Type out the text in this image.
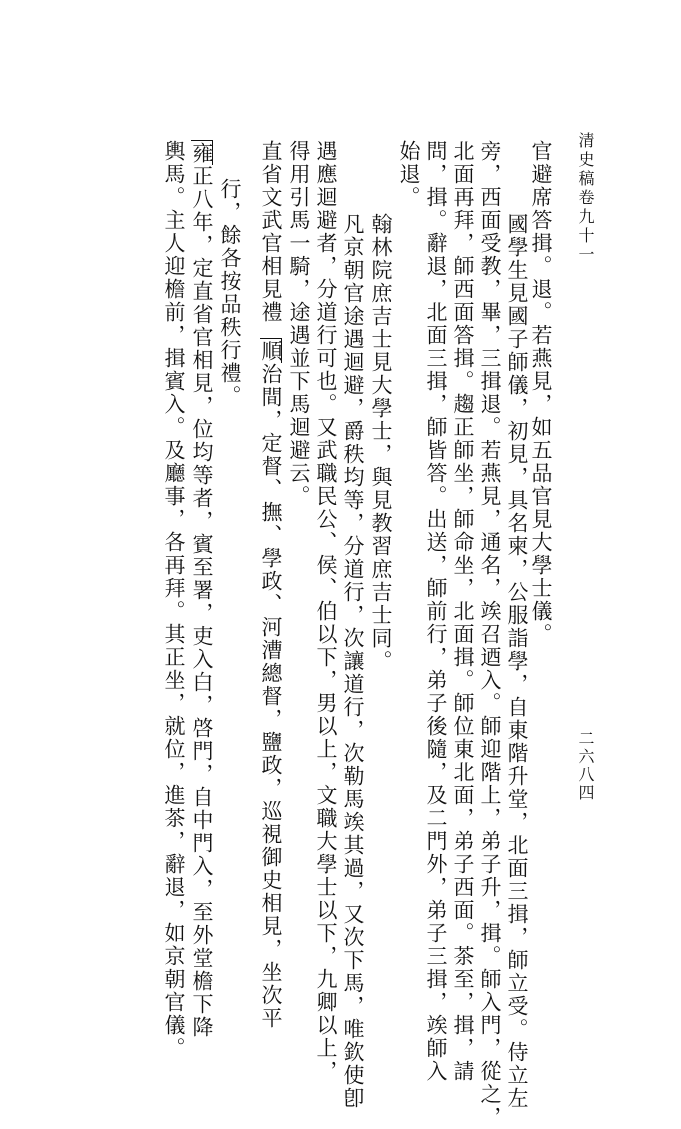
清史稿卷九十一
二六八四
官避席答揖。退。若燕見，如五品官見大學士儀。
國學生見國子師儀，初見，具名柬，公服詣學，自東階升堂，北面三揖，師立受。侍立左
旁，西面受教，畢，三揖退。若燕見，通名，竢召迺入。師迎階上，弟子升，揖。師入門，從之，
北面再拜，師西面答揖。趨正師坐，師命坐，北面揖。師位東北面，弟子西面。茶至，揖，請
問，揖。辭退，北面三揖，師皆答。出送，師前行，弟子後隨，及二門外，弟子三揖，竢師入
始退。
翰林院庶吉士見大學士，與見教習庶吉士同。
凡京朝官途遇迴避，爵秩均等，分道行，次讓道行，次勒馬竢其過，又次下馬，唯欽使卽
遇應迴避者，分道行可也。又武職民公、侯、伯以下，男以上，文職大學士以下，九卿以上，
得用引馬一騎，途遇並下馬迴避云。
直省文武官相見禮順治間，定督、撫、學政、河漕總督，鹽政，巡視御史相見，坐次平
行，餘各按品秩行禮。
雍正八年，定直省官相見，位均等者，賓至署，吏入白，啓門，自中門入，至外堂檐下降
輿馬。主人迎檐前，揖賓入。及廳事，各再拜。其正坐，就位，進茶，辭退，如京朝官儀。
